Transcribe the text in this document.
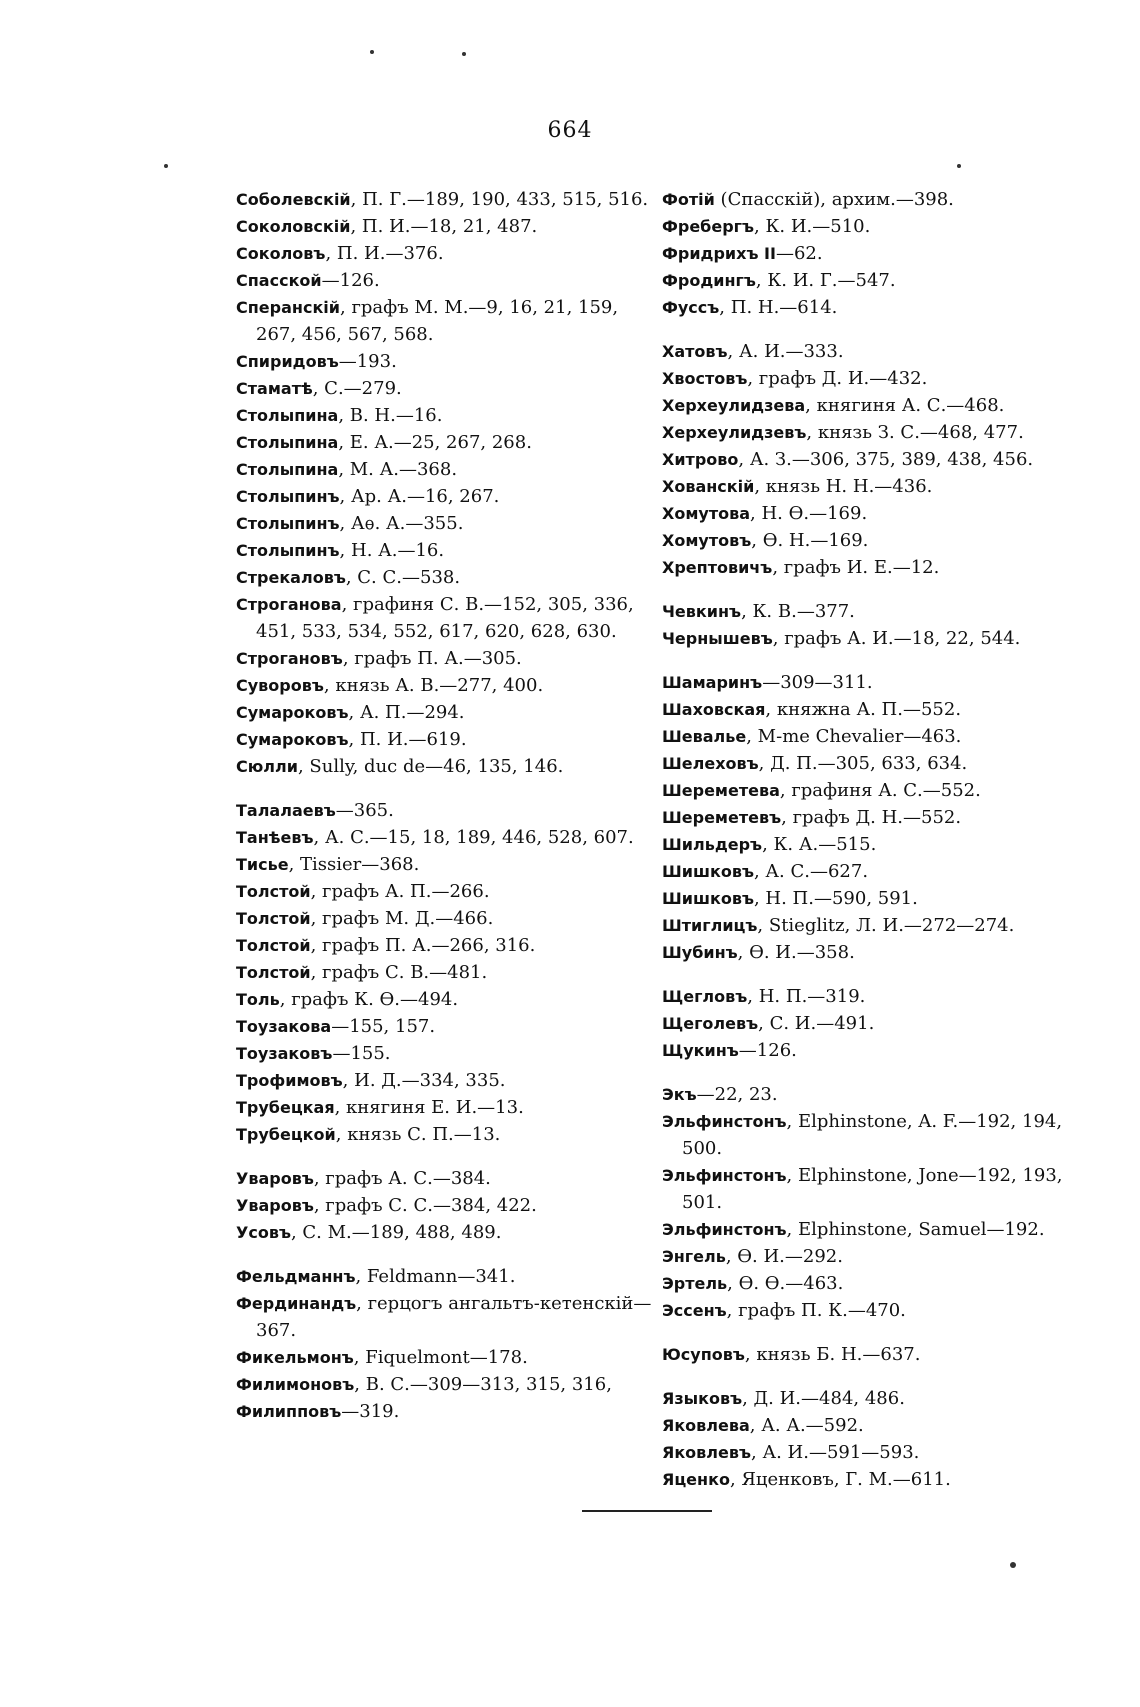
664
Соболевскій, П. Г.—189, 190, 433, 515, 516.
Соколовскій, П. И.—18, 21, 487.
Соколовъ, П. И.—376.
Спасской—126.
Сперанскій, графъ М. М.—9, 16, 21, 159, 267, 456, 567, 568.
Спиридовъ—193.
Стаматѣ, С.—279.
Столыпина, В. Н.—16.
Столыпина, Е. А.—25, 267, 268.
Столыпина, М. А.—368.
Столыпинъ, Ар. А.—16, 267.
Столыпинъ, Аѳ. А.—355.
Столыпинъ, Н. А.—16.
Стрекаловъ, С. С.—538.
Строганова, графиня С. В.—152, 305, 336, 451, 533, 534, 552, 617, 620, 628, 630.
Строгановъ, графъ П. А.—305.
Суворовъ, князь А. В.—277, 400.
Сумароковъ, А. П.—294.
Сумароковъ, П. И.—619.
Сюлли, Sully, duc de—46, 135, 146.
Талалаевъ—365.
Танѣевъ, А. С.—15, 18, 189, 446, 528, 607.
Тисье, Tissier—368.
Толстой, графъ А. П.—266.
Толстой, графъ М. Д.—466.
Толстой, графъ П. А.—266, 316.
Толстой, графъ С. В.—481.
Толь, графъ К. Ѳ.—494.
Тоузакова—155, 157.
Тоузаковъ—155.
Трофимовъ, И. Д.—334, 335.
Трубецкая, княгиня Е. И.—13.
Трубецкой, князь С. П.—13.
Уваровъ, графъ А. С.—384.
Уваровъ, графъ С. С.—384, 422.
Усовъ, С. М.—189, 488, 489.
Фельдманнъ, Feldmann—341.
Фердинандъ, герцогъ ангальтъ-кетенскій—367.
Фикельмонъ, Fiquelmont—178.
Филимоновъ, В. С.—309—313, 315, 316,
Филипповъ—319.
Фотій (Спасскій), архим.—398.
Фребергъ, К. И.—510.
Фридрихъ II—62.
Фродингъ, К. И. Г.—547.
Фуссъ, П. Н.—614.
Хатовъ, А. И.—333.
Хвостовъ, графъ Д. И.—432.
Херхеулидзева, княгиня А. С.—468.
Херхеулидзевъ, князь З. С.—468, 477.
Хитрово, А. З.—306, 375, 389, 438, 456.
Хованскій, князь Н. Н.—436.
Хомутова, Н. Ѳ.—169.
Хомутовъ, Ѳ. Н.—169.
Хрептовичъ, графъ И. Е.—12.
Чевкинъ, К. В.—377.
Чернышевъ, графъ А. И.—18, 22, 544.
Шамаринъ—309—311.
Шаховская, княжна А. П.—552.
Шевалье, M-me Chevalier—463.
Шелеховъ, Д. П.—305, 633, 634.
Шереметева, графиня А. С.—552.
Шереметевъ, графъ Д. Н.—552.
Шильдеръ, К. А.—515.
Шишковъ, А. С.—627.
Шишковъ, Н. П.—590, 591.
Штиглицъ, Stieglitz, Л. И.—272—274.
Шубинъ, Ѳ. И.—358.
Щегловъ, Н. П.—319.
Щеголевъ, С. И.—491.
Щукинъ—126.
Экъ—22, 23.
Эльфинстонъ, Elphinstone, A. F.—192, 194, 500.
Эльфинстонъ, Elphinstone, Jone—192, 193, 501.
Эльфинстонъ, Elphinstone, Samuel—192.
Энгель, Ѳ. И.—292.
Эртель, Ѳ. Ѳ.—463.
Эссенъ, графъ П. К.—470.
Юсуповъ, князь Б. Н.—637.
Языковъ, Д. И.—484, 486.
Яковлева, А. А.—592.
Яковлевъ, А. И.—591—593.
Яценко, Яценковъ, Г. М.—611.
